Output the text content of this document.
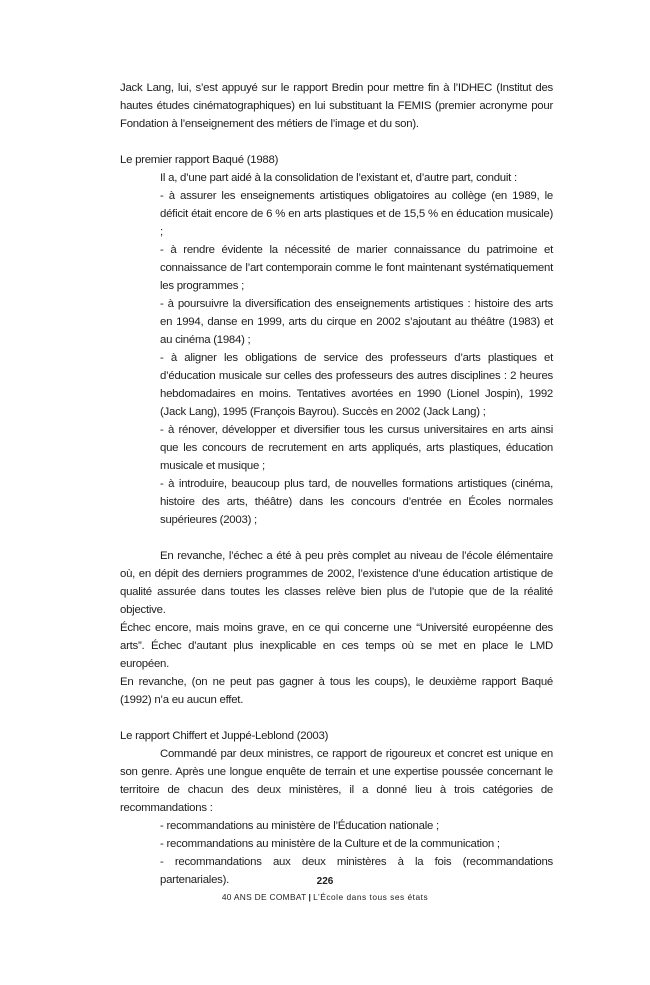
Jack Lang, lui, s’est appuyé sur le rapport Bredin pour mettre fin à l’IDHEC (Institut des hautes études cinématographiques) en lui substituant la FEMIS (premier acronyme pour Fondation à l’enseignement des métiers de l’image et du son).

Le premier rapport Baqué (1988)

Il a, d’une part aidé à la consolidation de l’existant et, d’autre part, conduit :

- à assurer les enseignements artistiques obligatoires au collège (en 1989, le déficit était encore de 6 % en arts plastiques et de 15,5 % en éducation musicale) ;

- à rendre évidente la nécessité de marier connaissance du patrimoine et connaissance de l’art contemporain comme le font maintenant systématiquement les programmes ;

- à poursuivre la diversification des enseignements artistiques : histoire des arts en 1994, danse en 1999, arts du cirque en 2002 s’ajoutant au théâtre (1983) et au cinéma (1984) ;

- à aligner les obligations de service des professeurs d’arts plastiques et d’éducation musicale sur celles des professeurs des autres disciplines : 2 heures hebdomadaires en moins. Tentatives avortées en 1990 (Lionel Jospin), 1992 (Jack Lang), 1995 (François Bayrou). Succès en 2002 (Jack Lang) ;

- à rénover, développer et diversifier tous les cursus universitaires en arts ainsi que les concours de recrutement en arts appliqués, arts plastiques, éducation musicale et musique ;

- à introduire, beaucoup plus tard, de nouvelles formations artistiques (cinéma, histoire des arts, théâtre) dans les concours d’entrée en Écoles normales supérieures (2003) ;

En revanche, l’échec a été à peu près complet au niveau de l’école élémentaire où, en dépit des derniers programmes de 2002, l’existence d’une éducation artistique de qualité assurée dans toutes les classes relève bien plus de l’utopie que de la réalité objective.

Échec encore, mais moins grave, en ce qui concerne une “Université européenne des arts”. Échec d’autant plus inexplicable en ces temps où se met en place le LMD européen.

En revanche, (on ne peut pas gagner à tous les coups), le deuxième rapport Baqué (1992) n’a eu aucun effet.

Le rapport Chiffert et Juppé-Leblond (2003)

Commandé par deux ministres, ce rapport de rigoureux et concret est unique en son genre. Après une longue enquête de terrain et une expertise poussée concernant le territoire de chacun des deux ministères, il a donné lieu à trois catégories de recommandations :

- recommandations au ministère de l’Éducation nationale ;

- recommandations au ministère de la Culture et de la communication ;

- recommandations aux deux ministères à la fois (recommandations partenariales).	226

40 ANS DE COMBAT | L’École dans tous ses états
